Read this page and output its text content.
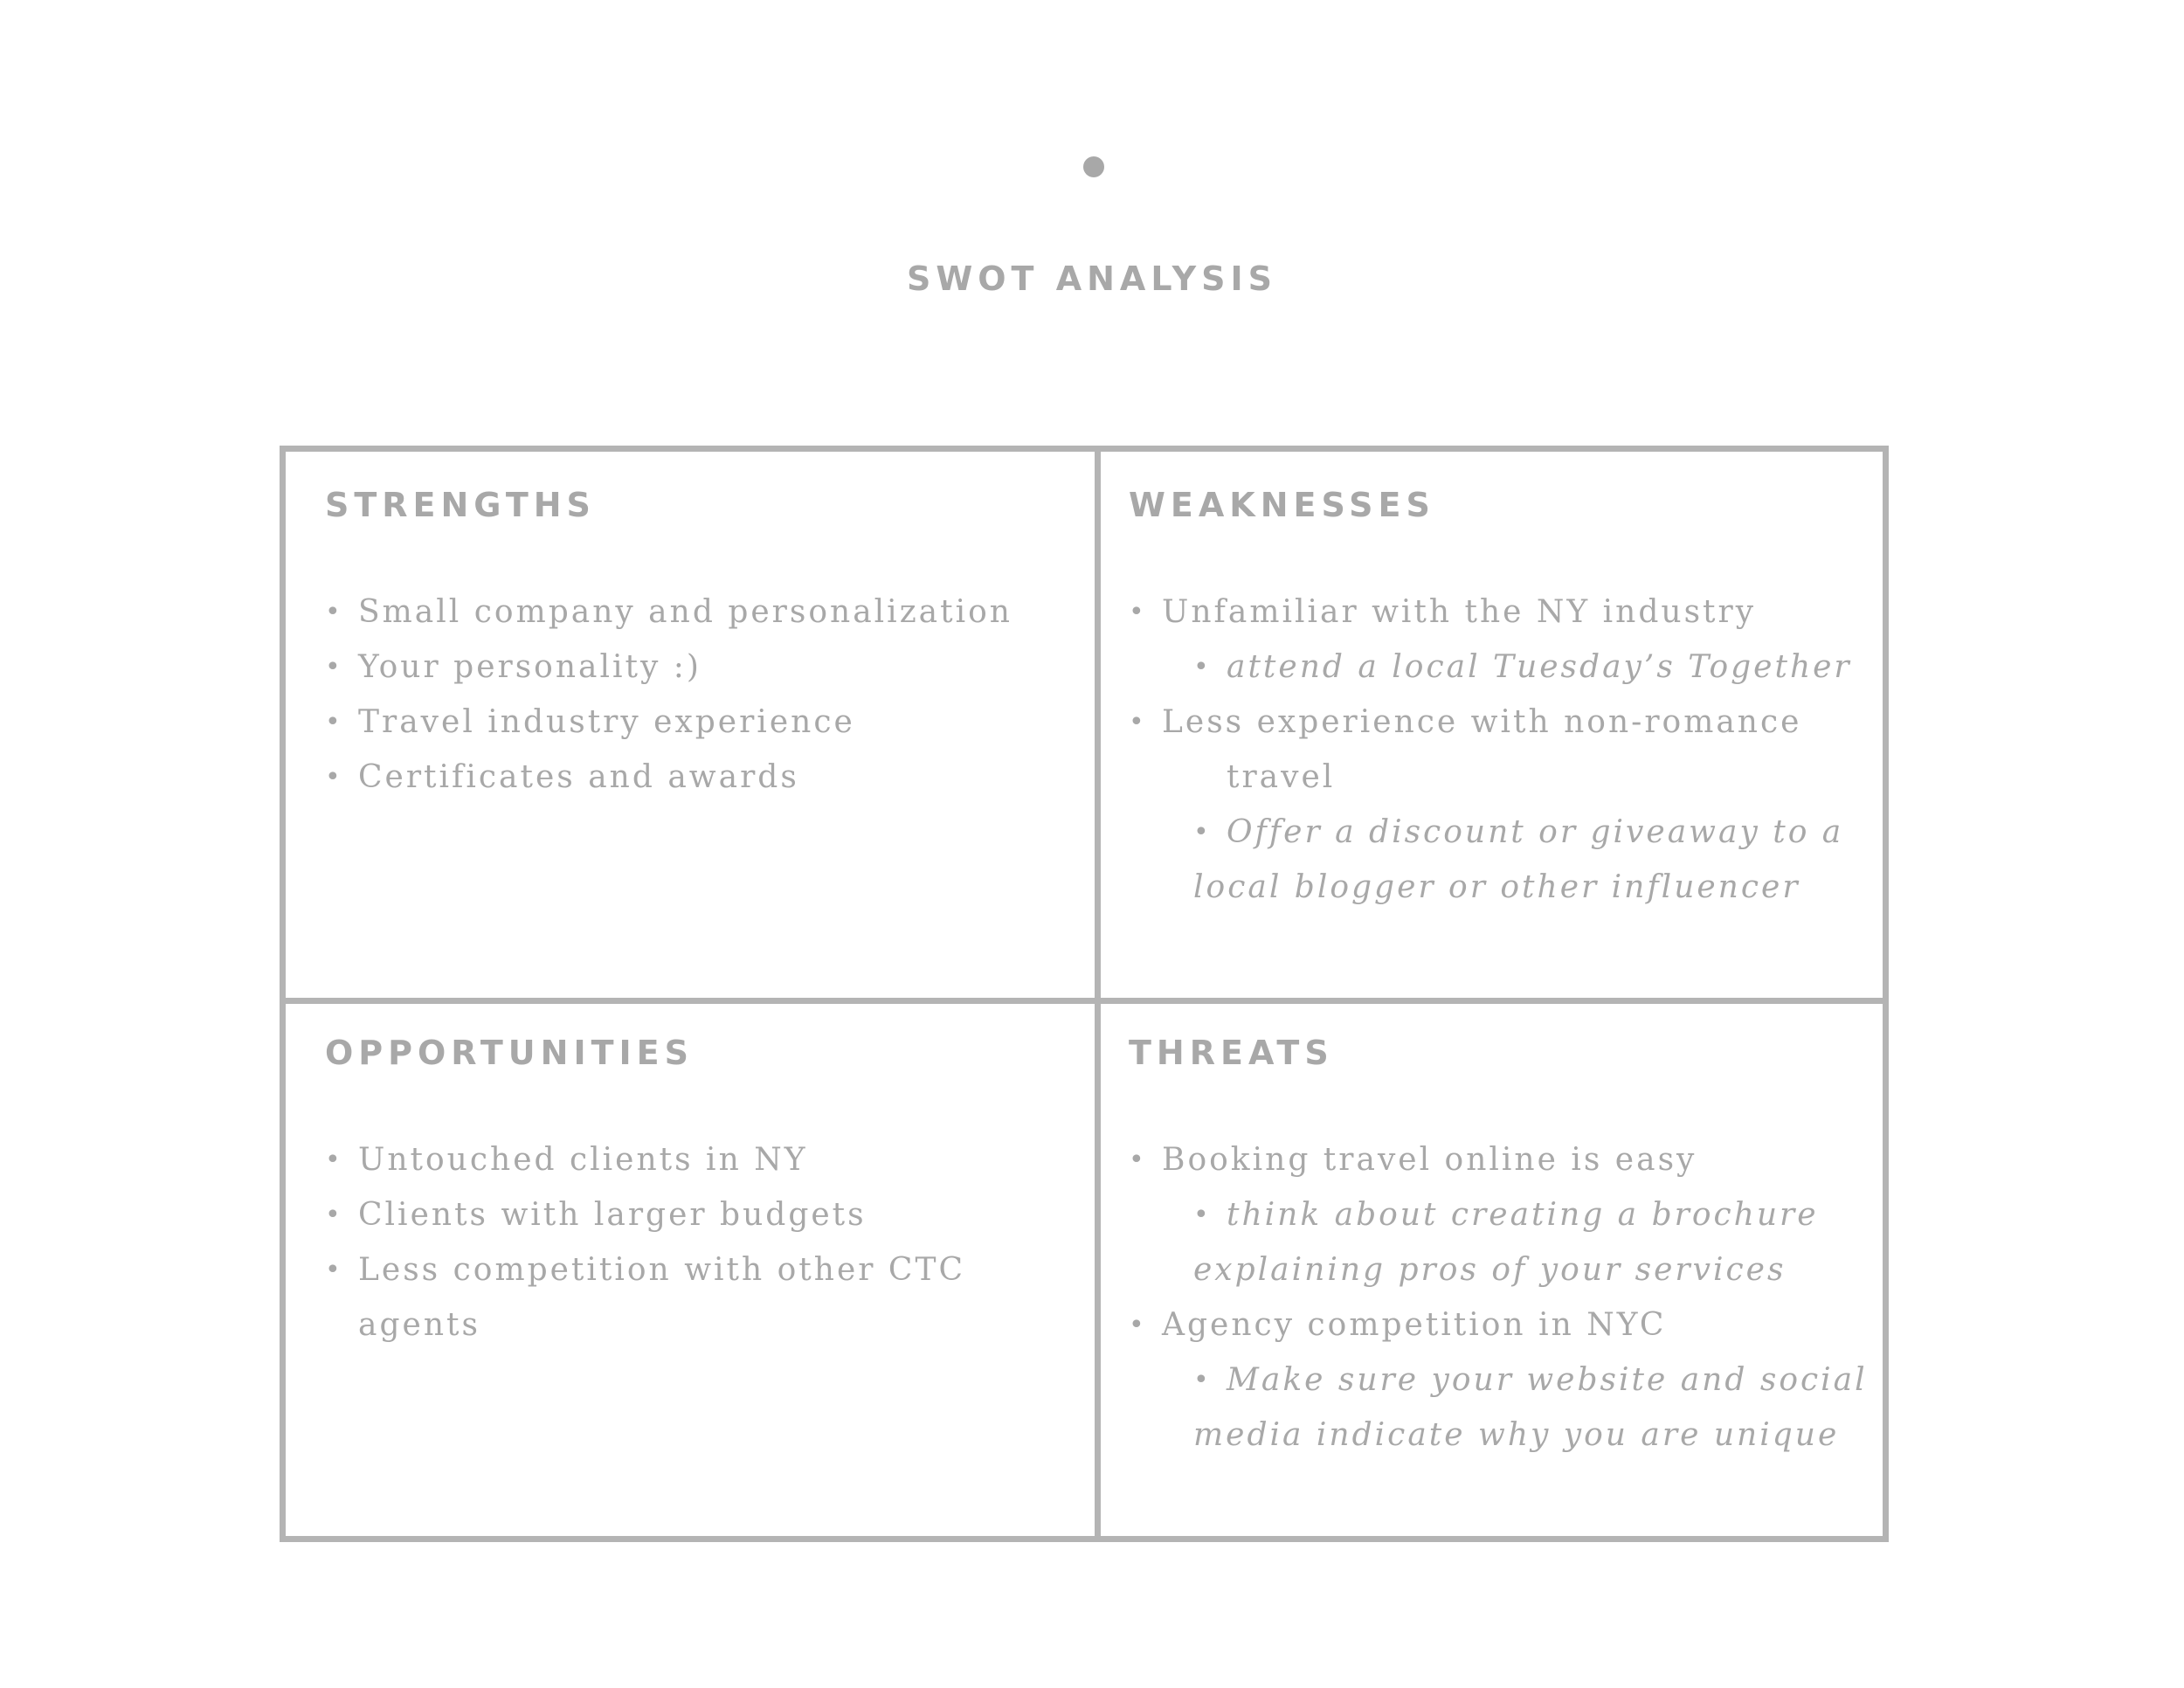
SWOT ANALYSIS
STRENGTHS
• Small company and personalization
• Your personality :)
• Travel industry experience
• Certificates and awards
WEAKNESSES
• Unfamiliar with the NY industry
• attend a local Tuesday’s Together
• Less experience with non-romance
travel
• Offer a discount or giveaway to a
local blogger or other influencer
OPPORTUNITIES
• Untouched clients in NY
• Clients with larger budgets
• Less competition with other CTC agents
THREATS
• Booking travel online is easy
• think about creating a brochure
explaining pros of your services
• Agency competition in NYC
• Make sure your website and social
media indicate why you are unique
